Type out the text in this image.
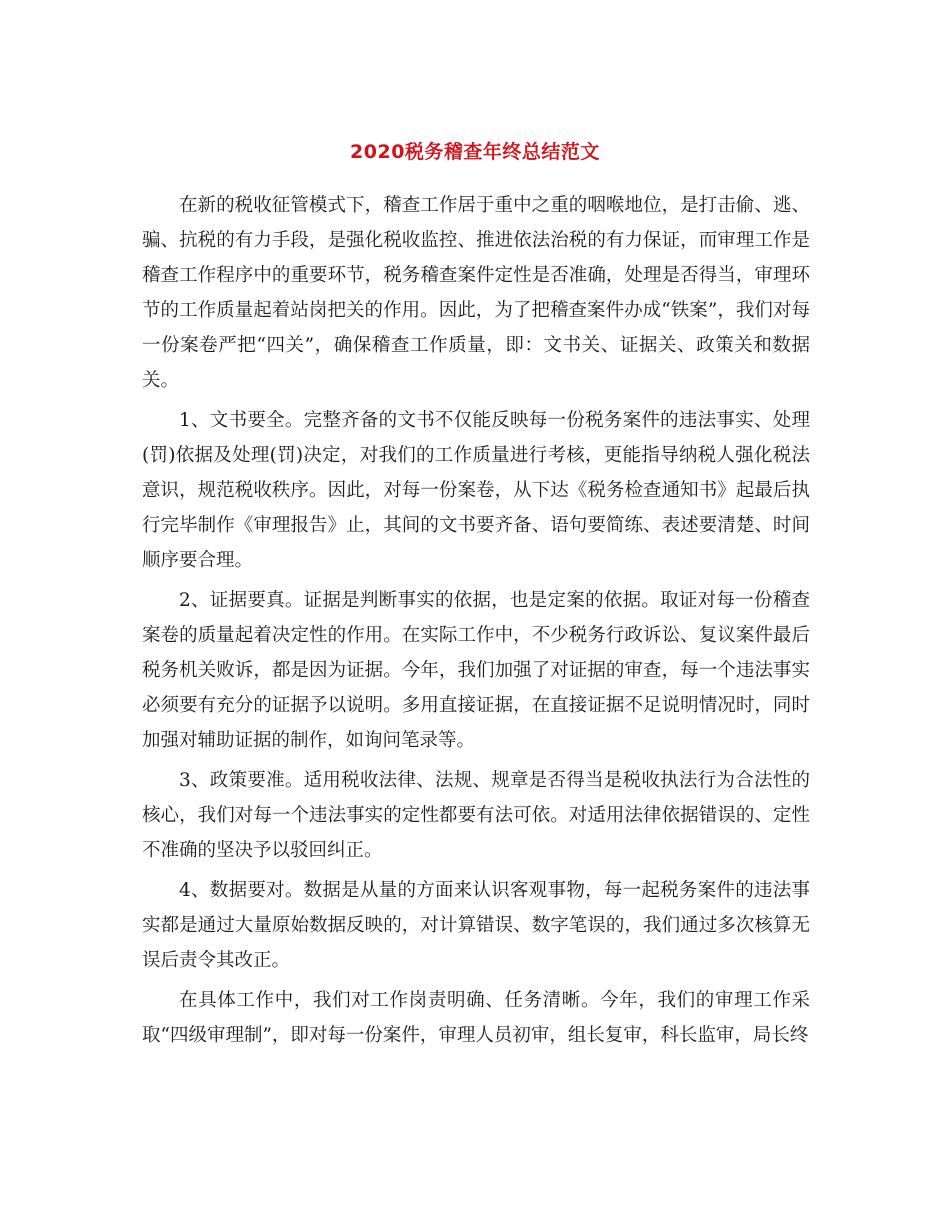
2020税务稽查年终总结范文

在新的税收征管模式下，稽查工作居于重中之重的咽喉地位，是打击偷、逃、骗、抗税的有力手段，是强化税收监控、推进依法治税的有力保证，而审理工作是稽查工作程序中的重要环节，税务稽查案件定性是否准确，处理是否得当，审理环节的工作质量起着站岗把关的作用。因此，为了把稽查案件办成“铁案”，我们对每一份案卷严把“四关”，确保稽查工作质量，即：文书关、证据关、政策关和数据关。

1、文书要全。完整齐备的文书不仅能反映每一份税务案件的违法事实、处理(罚)依据及处理(罚)决定，对我们的工作质量进行考核，更能指导纳税人强化税法意识，规范税收秩序。因此，对每一份案卷，从下达《税务检查通知书》起最后执行完毕制作《审理报告》止，其间的文书要齐备、语句要简练、表述要清楚、时间顺序要合理。

2、证据要真。证据是判断事实的依据，也是定案的依据。取证对每一份稽查案卷的质量起着决定性的作用。在实际工作中，不少税务行政诉讼、复议案件最后税务机关败诉，都是因为证据。今年，我们加强了对证据的审查，每一个违法事实必须要有充分的证据予以说明。多用直接证据，在直接证据不足说明情况时，同时加强对辅助证据的制作，如询问笔录等。

3、政策要准。适用税收法律、法规、规章是否得当是税收执法行为合法性的核心，我们对每一个违法事实的定性都要有法可依。对适用法律依据错误的、定性不准确的坚决予以驳回纠正。

4、数据要对。数据是从量的方面来认识客观事物，每一起税务案件的违法事实都是通过大量原始数据反映的，对计算错误、数字笔误的，我们通过多次核算无误后责令其改正。

在具体工作中，我们对工作岗责明确、任务清晰。今年，我们的审理工作采取“四级审理制”，即对每一份案件，审理人员初审，组长复审，科长监审，局长终
